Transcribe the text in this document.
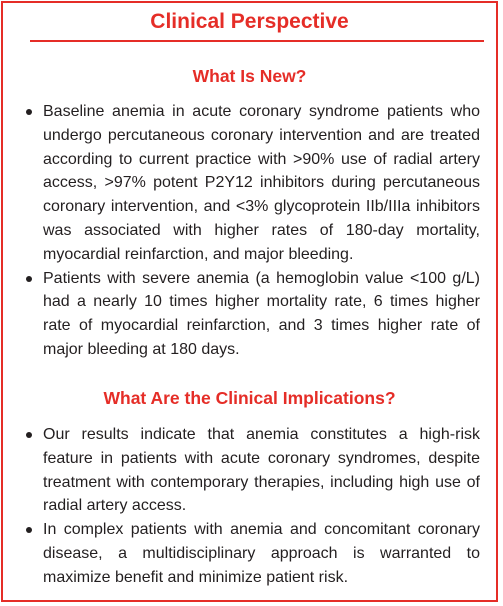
Clinical Perspective
What Is New?
Baseline anemia in acute coronary syndrome patients who undergo percutaneous coronary intervention and are treated according to current practice with >90% use of radial artery access, >97% potent P2Y12 inhibitors during percutaneous coronary intervention, and <3% glycoprotein IIb/IIIa inhibitors was associated with higher rates of 180-day mortality, myocardial reinfarction, and major bleeding.
Patients with severe anemia (a hemoglobin value <100 g/L) had a nearly 10 times higher mortality rate, 6 times higher rate of myocardial reinfarction, and 3 times higher rate of major bleeding at 180 days.
What Are the Clinical Implications?
Our results indicate that anemia constitutes a high-risk feature in patients with acute coronary syndromes, despite treatment with contemporary therapies, including high use of radial artery access.
In complex patients with anemia and concomitant coronary disease, a multidisciplinary approach is warranted to maximize benefit and minimize patient risk.
